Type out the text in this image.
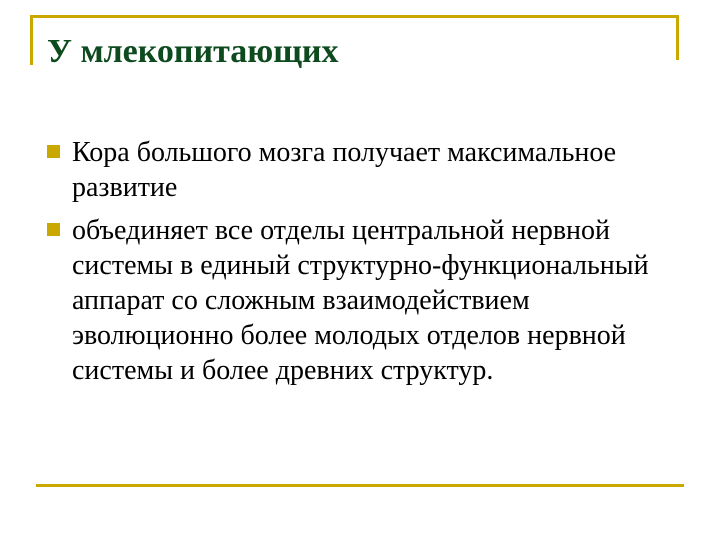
У млекопитающих
Кора большого мозга получает максимальное развитие
объединяет все отделы центральной нервной системы в единый структурно-функциональный аппарат со сложным взаимодействием эволюционно более молодых отделов нервной системы и более древних структур.
